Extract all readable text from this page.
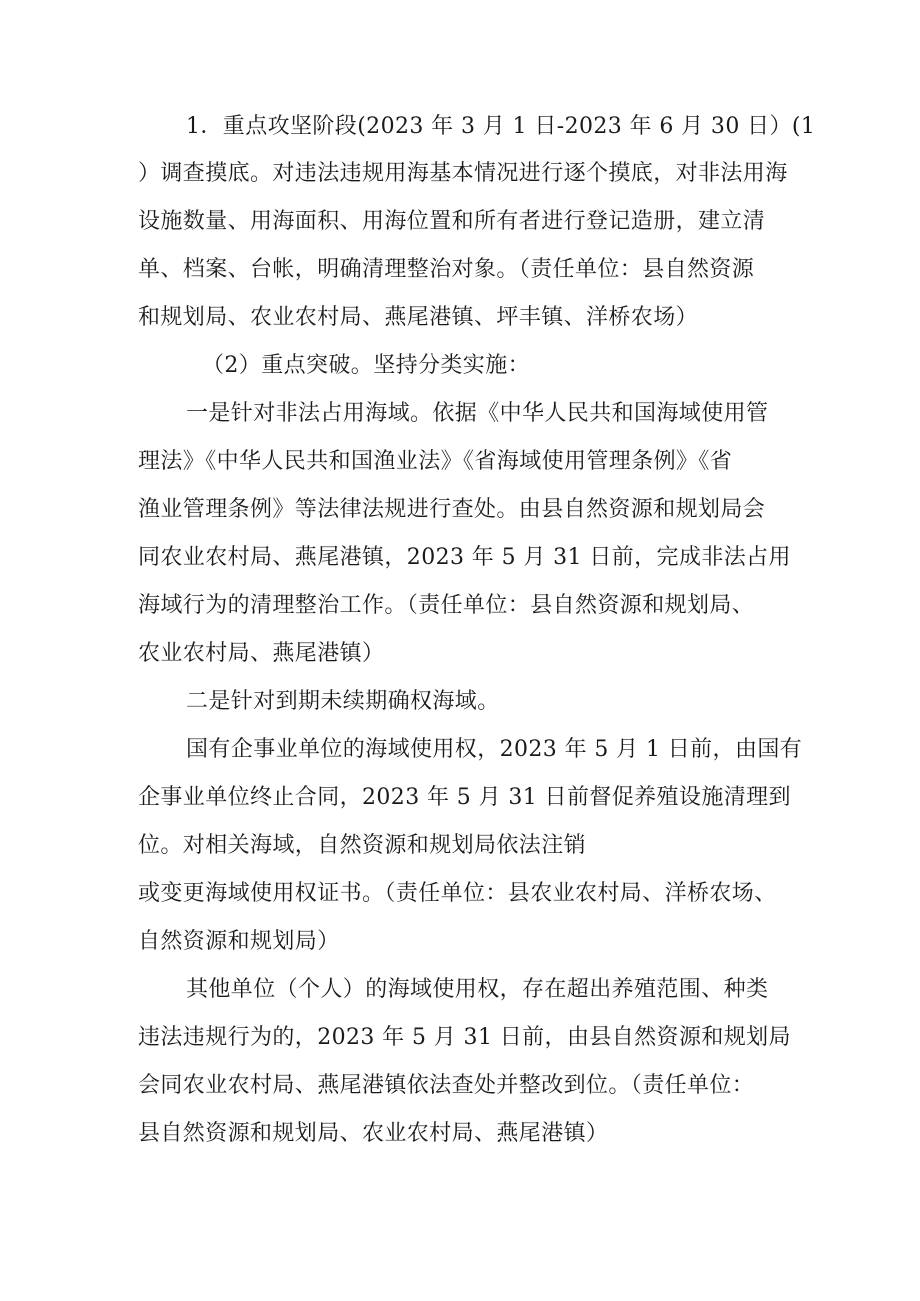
1．重点攻坚阶段(2023 年 3 月 1 日-2023 年 6 月 30 日）(1
）调查摸底。对违法违规用海基本情况进行逐个摸底，对非法用海
设施数量、用海面积、用海位置和所有者进行登记造册，建立清
单、档案、台帐，明确清理整治对象。（责任单位：县自然资源
和规划局、农业农村局、燕尾港镇、坪丰镇、洋桥农场）
（2）重点突破。坚持分类实施：
一是针对非法占用海域。依据《中华人民共和国海域使用管
理法》《中华人民共和国渔业法》《省海域使用管理条例》《省
渔业管理条例》等法律法规进行查处。由县自然资源和规划局会
同农业农村局、燕尾港镇，2023 年 5 月 31 日前，完成非法占用
海域行为的清理整治工作。（责任单位：县自然资源和规划局、
农业农村局、燕尾港镇）
二是针对到期未续期确权海域。
国有企事业单位的海域使用权，2023 年 5 月 1 日前，由国有
企事业单位终止合同，2023 年 5 月 31 日前督促养殖设施清理到
位。对相关海域，自然资源和规划局依法注销
或变更海域使用权证书。（责任单位：县农业农村局、洋桥农场、
自然资源和规划局）
其他单位（个人）的海域使用权，存在超出养殖范围、种类
违法违规行为的，2023 年 5 月 31 日前，由县自然资源和规划局
会同农业农村局、燕尾港镇依法查处并整改到位。（责任单位：
县自然资源和规划局、农业农村局、燕尾港镇）
